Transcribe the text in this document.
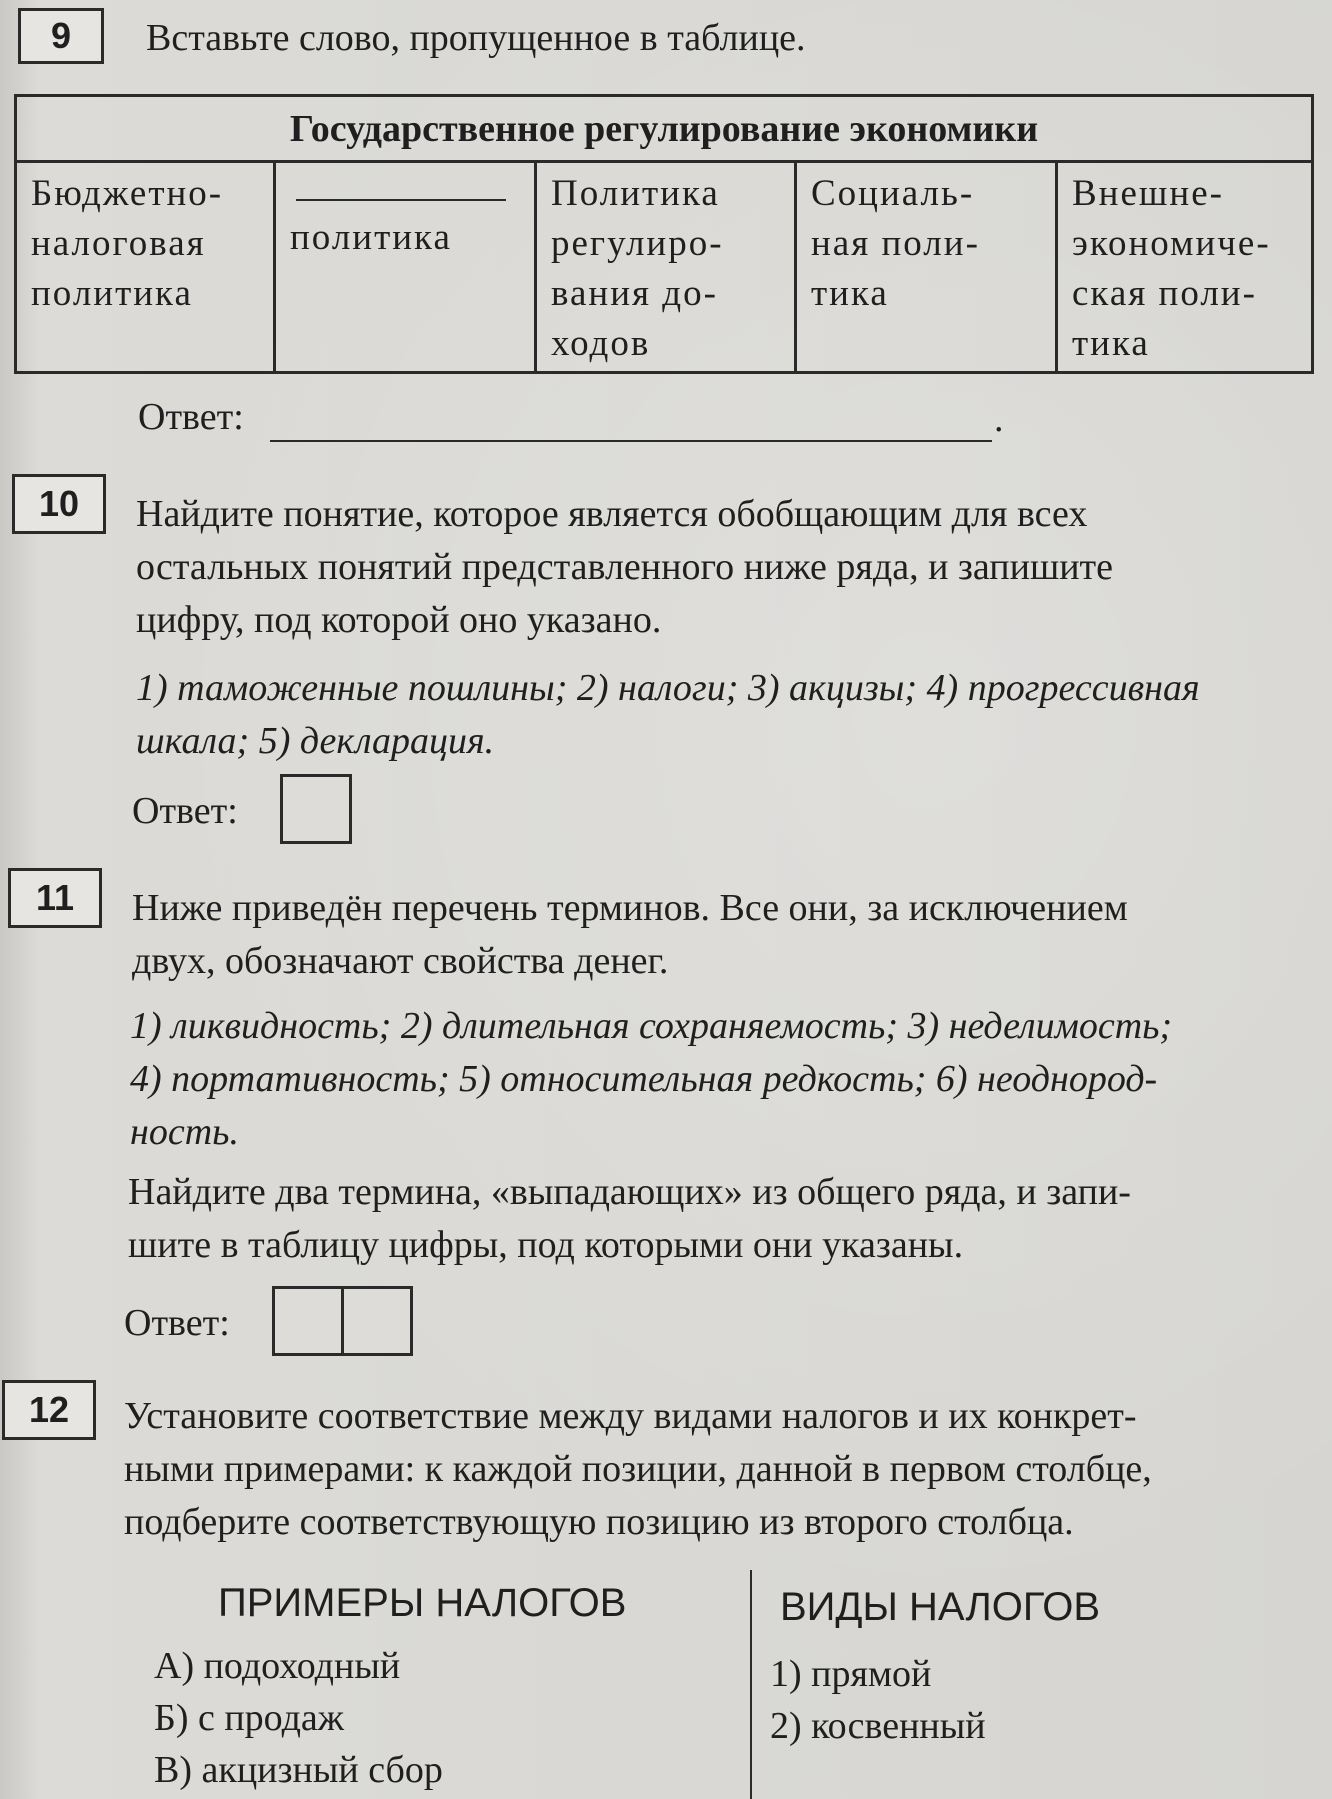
9 Вставьте слово, пропущенное в таблице.
Государственное регулирование экономики
Бюджетно-
налоговая
политика
политика
Политика
регулиро-
вания до-
ходов
Социаль-
ная поли-
тика
Внешне-
экономиче-
ская поли-
тика
Ответ:	.
10 Найдите понятие, которое является обобщающим для всех
остальных понятий представленного ниже ряда, и запишите
цифру, под которой оно указано.
1) таможенные пошлины; 2) налоги; 3) акцизы; 4) прогрессивная
шкала; 5) декларация.
Ответ:
11 Ниже приведён перечень терминов. Все они, за исключением
двух, обозначают свойства денег.
1) ликвидность; 2) длительная сохраняемость; 3) неделимость;
4) портативность; 5) относительная редкость; 6) неоднород-
ность.
Найдите два термина, «выпадающих» из общего ряда, и запи-
шите в таблицу цифры, под которыми они указаны.
Ответ:
12 Установите соответствие между видами налогов и их конкрет-
ными примерами: к каждой позиции, данной в первом столбце,
подберите соответствующую позицию из второго столбца.
ПРИМЕРЫ НАЛОГОВ	ВИДЫ НАЛОГОВ
А) подоходный
Б) с продаж
В) акцизный сбор
1) прямой
2) косвенный
